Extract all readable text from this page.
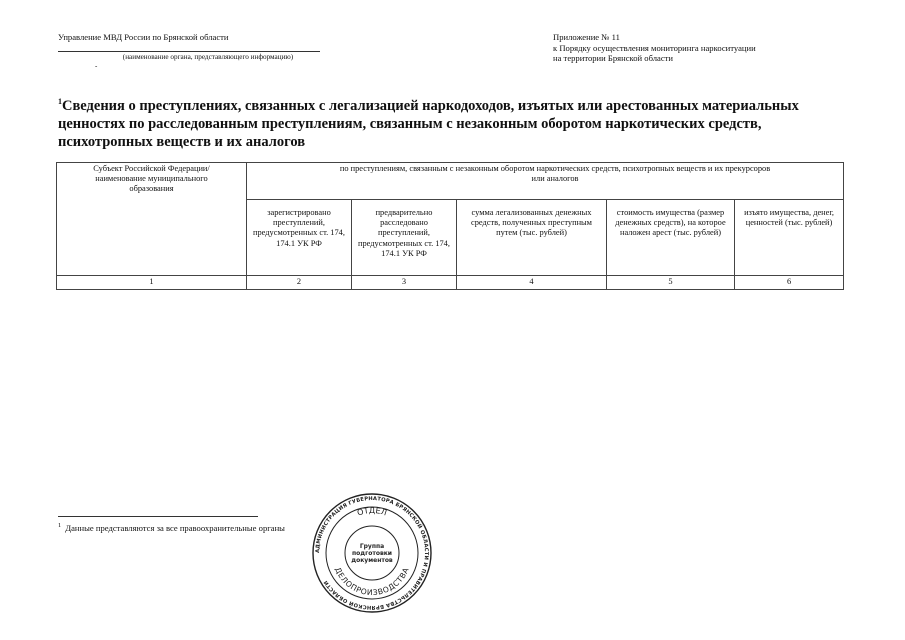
Управление МВД России по Брянской области
(наименование органа, представляющего информацию)
-
Приложение № 11
к Порядку осуществления мониторинга наркоситуации
на территории Брянской области
$^1$Сведения о преступлениях, связанных с легализацией наркодоходов, изъятых или арестованных материальных ценностях по расследованным преступлениям, связанным с незаконным оборотом наркотических средств, психотропных веществ и их аналогов
Субъект Российской Федерации/ наименование муниципального образования	по преступлениям, связанным с незаконным оборотом наркотических средств, психотропных веществ и их прекурсоров или аналогов				
	зарегистрировано преступлений, предусмотренных ст. 174, 174.1 УК РФ	предварительно расследовано преступлений, предусмотренных ст. 174, 174.1 УК РФ	сумма легализованных денежных средств, полученных преступным путем (тыс. рублей)	стоимость имущества (размер денежных средств), на которое наложен арест (тыс. рублей)	изъято имущества, денег, ценностей (тыс. рублей)
1	2	3	4	5	6
$^1$ Данные представляются за все правоохранительные органы
АДМИНИСТРАЦИЯ ГУБЕРНАТОРА БРЯНСКОЙ ОБЛАСТИ И ПРАВИТЕЛЬСТВА БРЯНСКОЙ ОБЛАСТИ
ОТДЕЛ
ДЕЛОПРОИЗВОДСТВА
Группа
подготовки
документов
